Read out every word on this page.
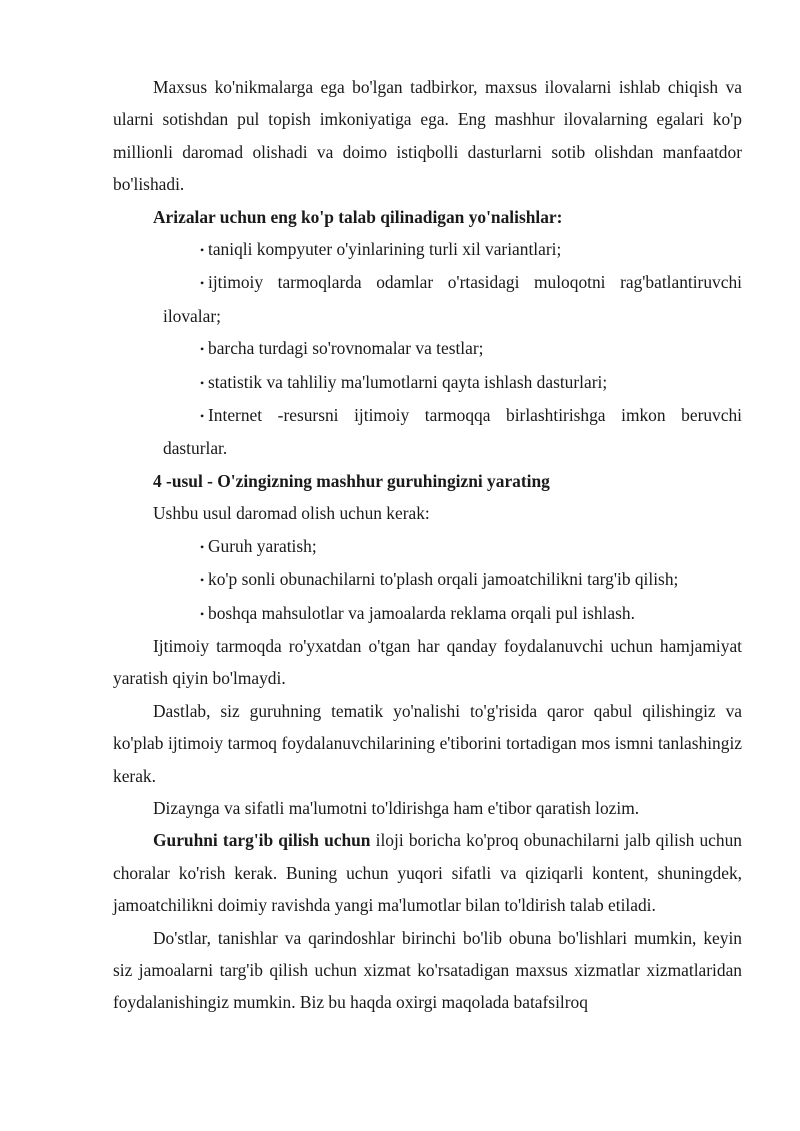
Maxsus ko'nikmalarga ega bo'lgan tadbirkor, maxsus ilovalarni ishlab chiqish va ularni sotishdan pul topish imkoniyatiga ega. Eng mashhur ilovalarning egalari ko'p millionli daromad olishadi va doimo istiqbolli dasturlarni sotib olishdan manfaatdor bo'lishadi.

Arizalar uchun eng ko'p talab qilinadigan yo'nalishlar:

• taniqli kompyuter o'yinlarining turli xil variantlari;

• ijtimoiy tarmoqlarda odamlar o'rtasidagi muloqotni rag'batlantiruvchi ilovalar;

• barcha turdagi so'rovnomalar va testlar;

• statistik va tahliliy ma'lumotlarni qayta ishlash dasturlari;

• Internet -resursni ijtimoiy tarmoqqa birlashtirishga imkon beruvchi dasturlar.

4 -usul - O'zingizning mashhur guruhingizni yarating

Ushbu usul daromad olish uchun kerak:

• Guruh yaratish;

• ko'p sonli obunachilarni to'plash orqali jamoatchilikni targ'ib qilish;

• boshqa mahsulotlar va jamoalarda reklama orqali pul ishlash.

Ijtimoiy tarmoqda ro'yxatdan o'tgan har qanday foydalanuvchi uchun hamjamiyat yaratish qiyin bo'lmaydi.

Dastlab, siz guruhning tematik yo'nalishi to'g'risida qaror qabul qilishingiz va ko'plab ijtimoiy tarmoq foydalanuvchilarining e'tiborini tortadigan mos ismni tanlashingiz kerak.

Dizaynga va sifatli ma'lumotni to'ldirishga ham e'tibor qaratish lozim.

Guruhni targ'ib qilish uchun iloji boricha ko'proq obunachilarni jalb qilish uchun choralar ko'rish kerak. Buning uchun yuqori sifatli va qiziqarli kontent, shuningdek, jamoatchilikni doimiy ravishda yangi ma'lumotlar bilan to'ldirish talab etiladi.

Do'stlar, tanishlar va qarindoshlar birinchi bo'lib obuna bo'lishlari mumkin, keyin siz jamoalarni targ'ib qilish uchun xizmat ko'rsatadigan maxsus xizmatlar xizmatlaridan foydalanishingiz mumkin. Biz bu haqda oxirgi maqolada batafsilroq
